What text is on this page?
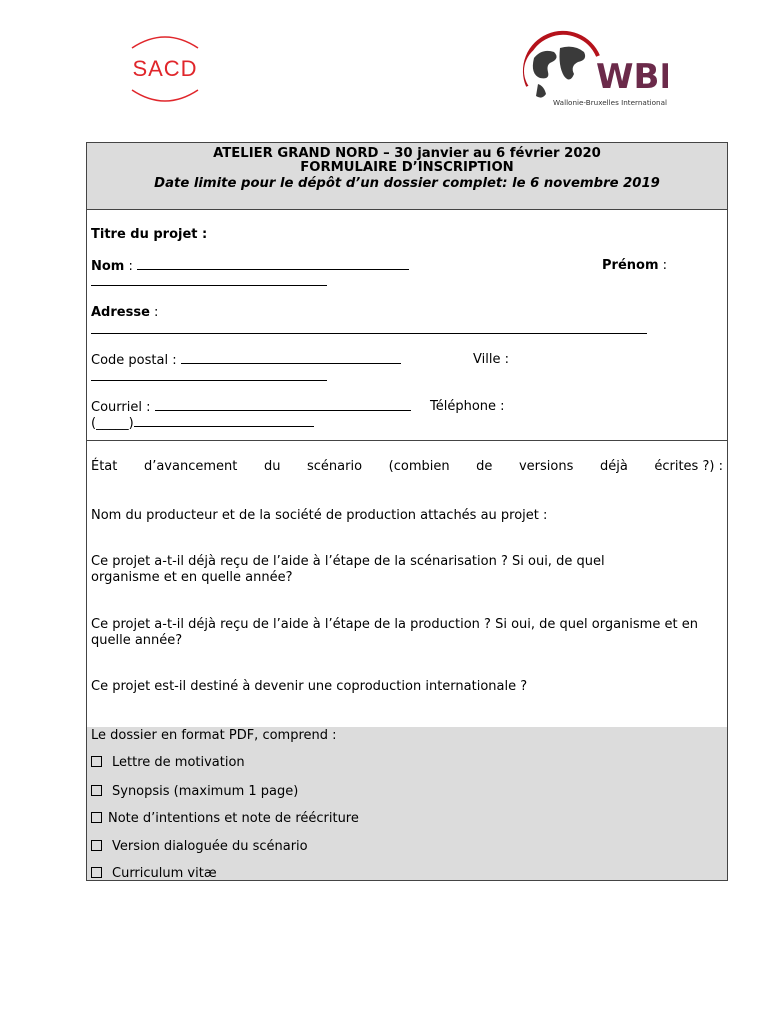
SACD	WBI
Wallonie-Bruxelles International
ATELIER GRAND NORD – 30 janvier au 6 février 2020
FORMULAIRE D’INSCRIPTION
Date limite pour le dépôt d’un dossier complet: le 6 novembre 2019
Titre du projet :
Nom :	Prénom :
Adresse :
Code postal :	Ville :
Courriel :	Téléphone :
(_____)
État d’avancement du scénario (combien de versions déjà écrites ?) :
Nom du producteur et de la société de production attachés au projet :
Ce projet a-t-il déjà reçu de l’aide à l’étape de la scénarisation ? Si oui, de quel organisme et en quelle année?
Ce projet a-t-il déjà reçu de l’aide à l’étape de la production ? Si oui, de quel organisme et en quelle année?
Ce projet est-il destiné à devenir une coproduction internationale ?
Le dossier en format PDF, comprend :
Lettre de motivation
Synopsis (maximum 1 page)
Note d’intentions et note de réécriture
Version dialoguée du scénario
Curriculum vitæ
